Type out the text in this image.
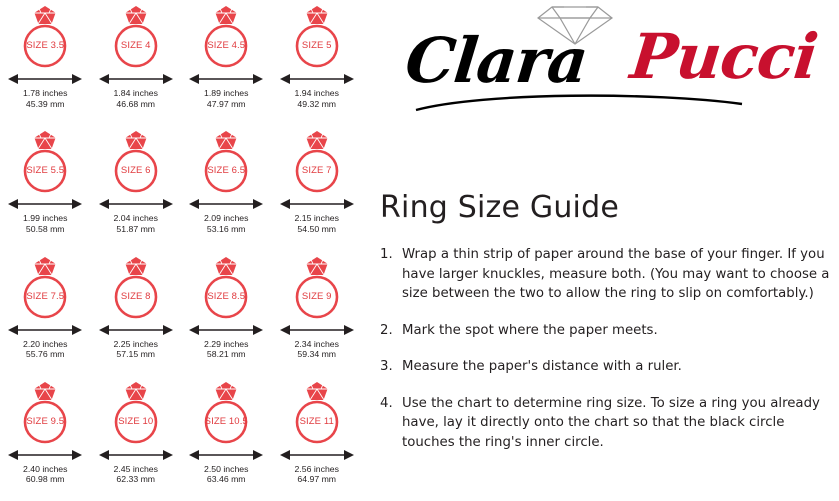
SIZE 3.5
1.78 inches
45.39 mm
SIZE 4
1.84 inches
46.68 mm
SIZE 4.5
1.89 inches
47.97 mm
SIZE 5
1.94 inches
49.32 mm
SIZE 5.5
1.99 inches
50.58 mm
SIZE 6
2.04 inches
51.87 mm
SIZE 6.5
2.09 inches
53.16 mm
SIZE 7
2.15 inches
54.50 mm
SIZE 7.5
2.20 inches
55.76 mm
SIZE 8
2.25 inches
57.15 mm
SIZE 8.5
2.29 inches
58.21 mm
SIZE 9
2.34 inches
59.34 mm
SIZE 9.5
2.40 inches
60.98 mm
SIZE 10
2.45 inches
62.33 mm
SIZE 10.5
2.50 inches
63.46 mm
SIZE 11
2.56 inches
64.97 mm
Clara Pucci
Ring Size Guide
1. Wrap a thin strip of paper around the base of your finger. If you have larger knuckles, measure both. (You may want to choose a size between the two to allow the ring to slip on comfortably.)
2. Mark the spot where the paper meets.
3. Measure the paper's distance with a ruler.
4. Use the chart to determine ring size. To size a ring you already have, lay it directly onto the chart so that the black circle touches the ring's inner circle.
